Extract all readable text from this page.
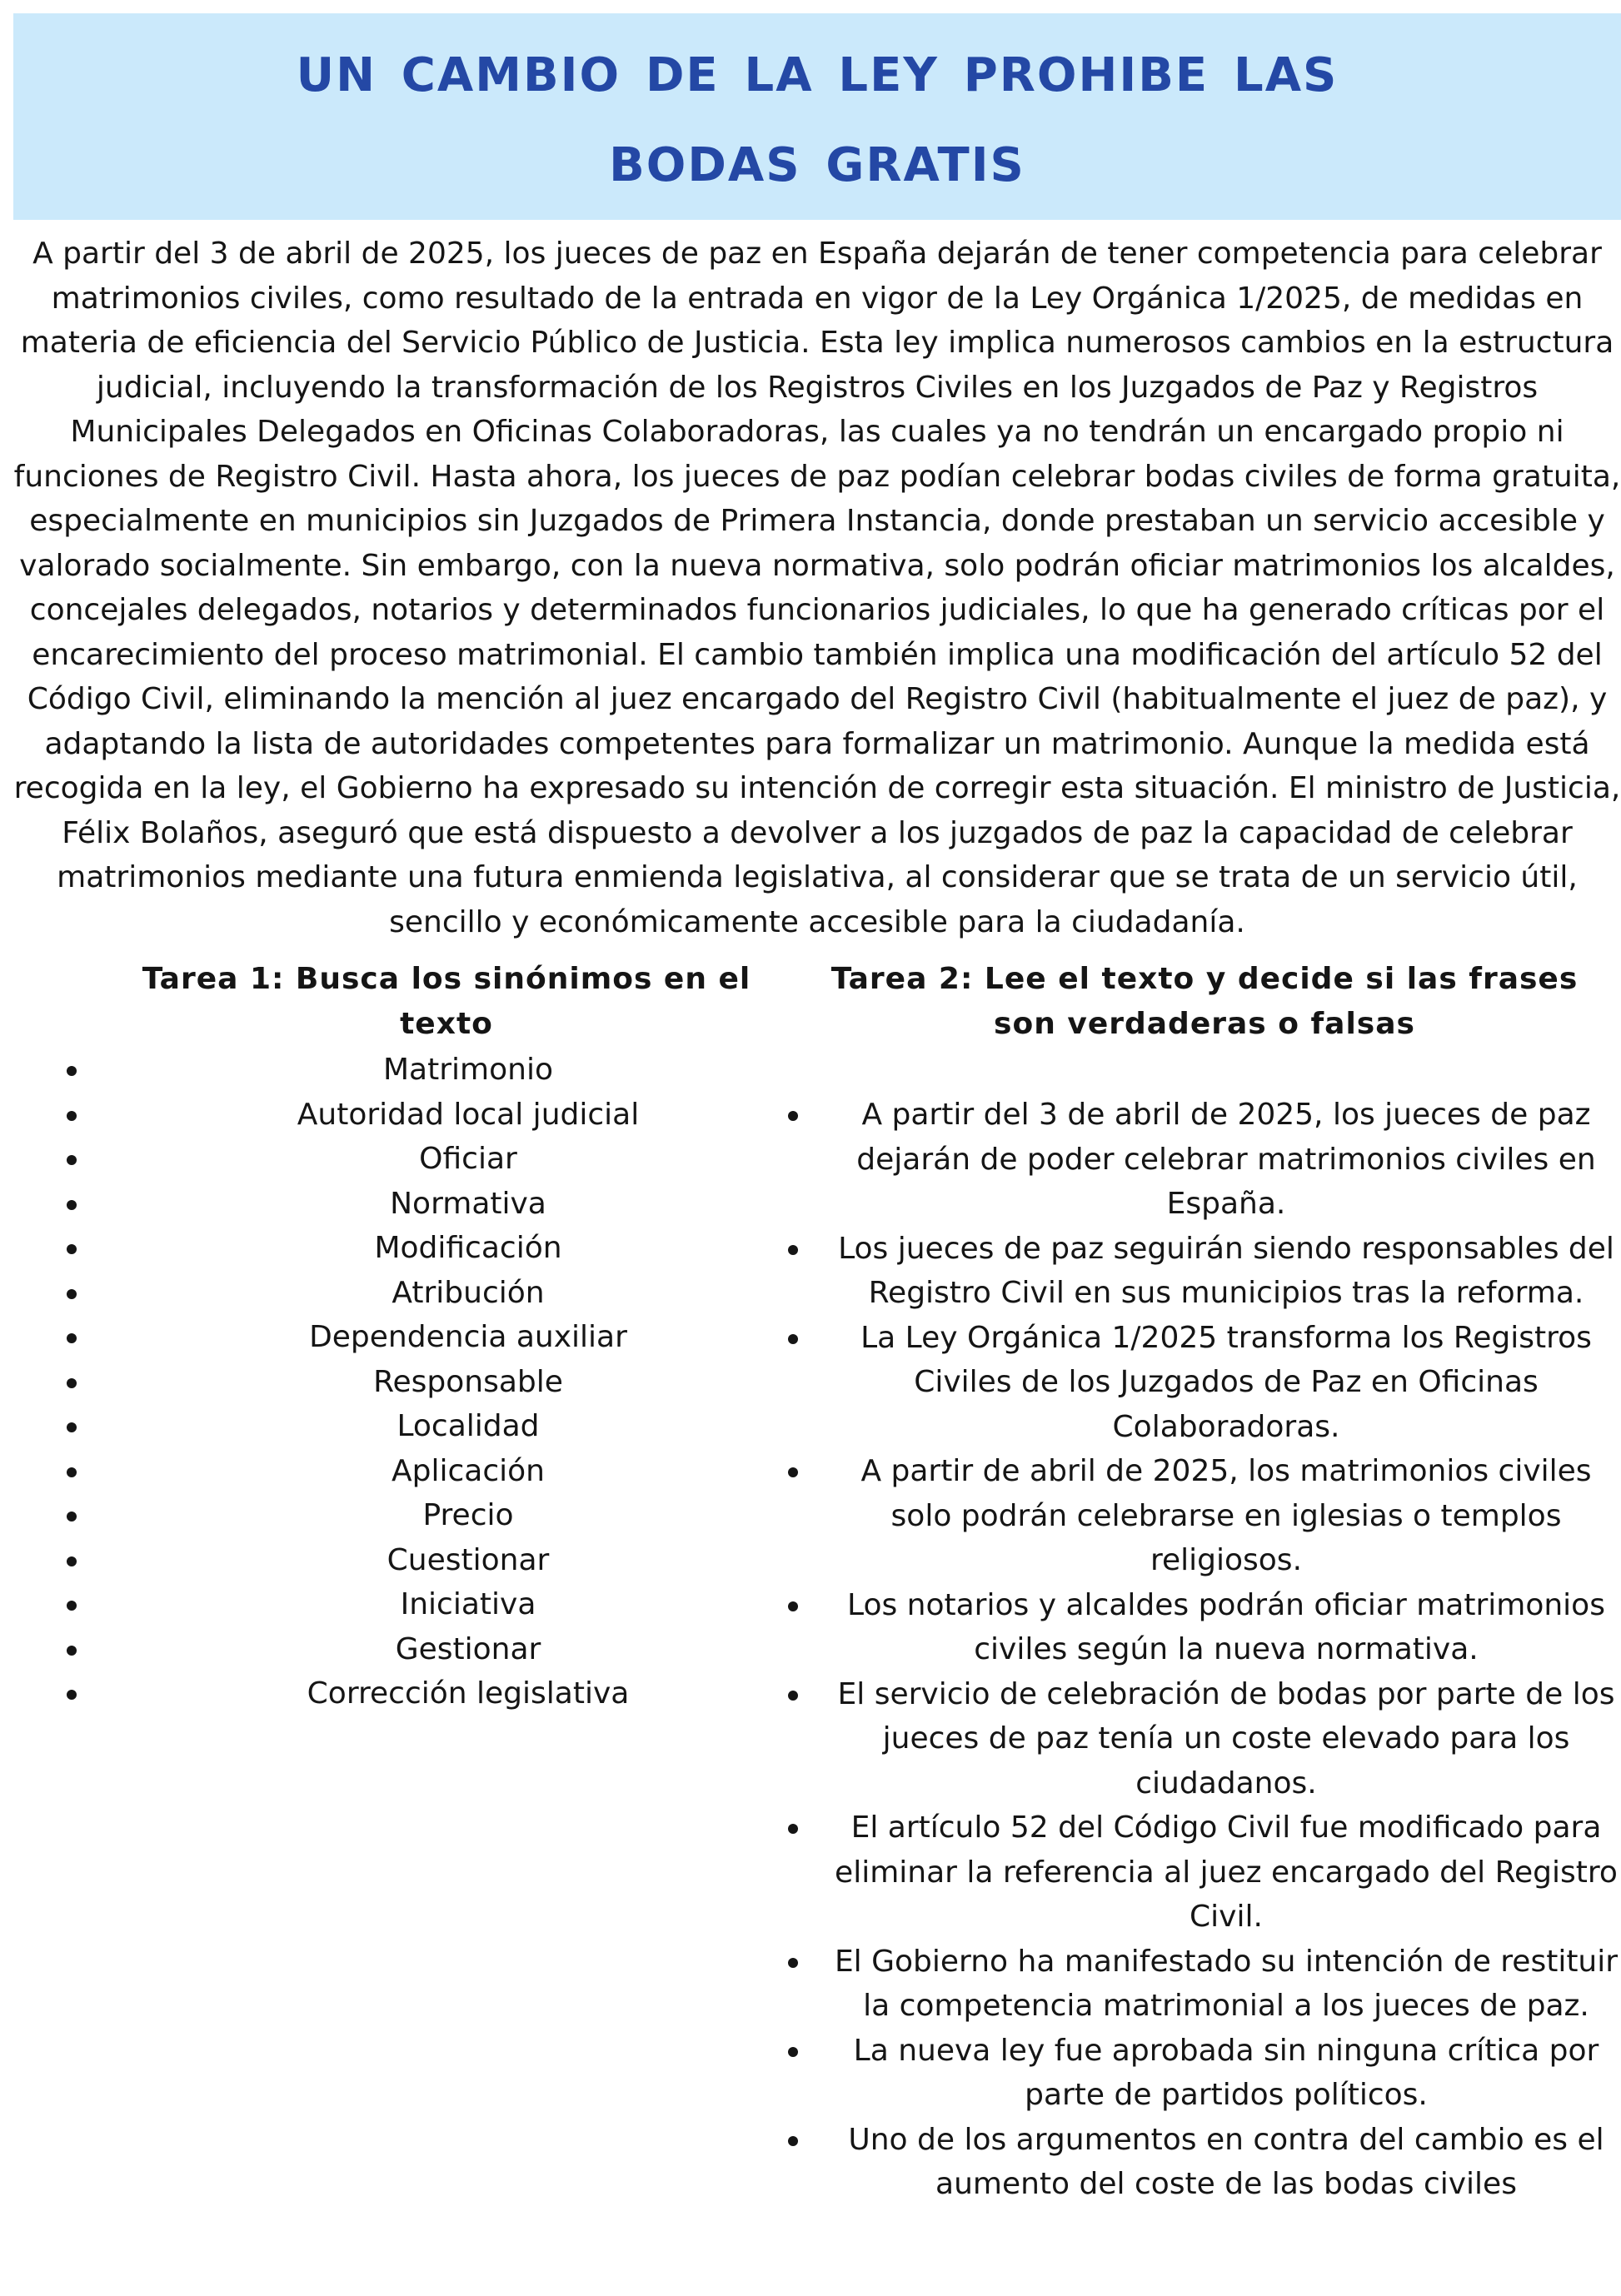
un cambio de la ley prohibe las
bodas gratis

A partir del 3 de abril de 2025, los jueces de paz en España dejarán de tener competencia para celebrar matrimonios civiles, como resultado de la entrada en vigor de la Ley Orgánica 1/2025, de medidas en materia de eficiencia del Servicio Público de Justicia. Esta ley implica numerosos cambios en la estructura judicial, incluyendo la transformación de los Registros Civiles en los Juzgados de Paz y Registros Municipales Delegados en Oficinas Colaboradoras, las cuales ya no tendrán un encargado propio ni funciones de Registro Civil. Hasta ahora, los jueces de paz podían celebrar bodas civiles de forma gratuita, especialmente en municipios sin Juzgados de Primera Instancia, donde prestaban un servicio accesible y valorado socialmente. Sin embargo, con la nueva normativa, solo podrán oficiar matrimonios los alcaldes, concejales delegados, notarios y determinados funcionarios judiciales, lo que ha generado críticas por el encarecimiento del proceso matrimonial. El cambio también implica una modificación del artículo 52 del Código Civil, eliminando la mención al juez encargado del Registro Civil (habitualmente el juez de paz), y adaptando la lista de autoridades competentes para formalizar un matrimonio. Aunque la medida está recogida en la ley, el Gobierno ha expresado su intención de corregir esta situación. El ministro de Justicia, Félix Bolaños, aseguró que está dispuesto a devolver a los juzgados de paz la capacidad de celebrar matrimonios mediante una futura enmienda legislativa, al considerar que se trata de un servicio útil, sencillo y económicamente accesible para la ciudadanía.

Tarea 1: Busca los sinónimos en el texto
Tarea 2: Lee el texto y decide si las frases son verdaderas o falsas
Matrimonio
Autoridad local judicial
Oficiar
Normativa
Modificación
Atribución
Dependencia auxiliar
Responsable
Localidad
Aplicación
Precio
Cuestionar
Iniciativa
Gestionar
Corrección legislativa
A partir del 3 de abril de 2025, los jueces de paz dejarán de poder celebrar matrimonios civiles en España.
Los jueces de paz seguirán siendo responsables del Registro Civil en sus municipios tras la reforma.
La Ley Orgánica 1/2025 transforma los Registros Civiles de los Juzgados de Paz en Oficinas Colaboradoras.
A partir de abril de 2025, los matrimonios civiles solo podrán celebrarse en iglesias o templos religiosos.
Los notarios y alcaldes podrán oficiar matrimonios civiles según la nueva normativa.
El servicio de celebración de bodas por parte de los jueces de paz tenía un coste elevado para los ciudadanos.
El artículo 52 del Código Civil fue modificado para eliminar la referencia al juez encargado del Registro Civil.
El Gobierno ha manifestado su intención de restituir la competencia matrimonial a los jueces de paz.
La nueva ley fue aprobada sin ninguna crítica por parte de partidos políticos.
Uno de los argumentos en contra del cambio es el aumento del coste de las bodas civiles
